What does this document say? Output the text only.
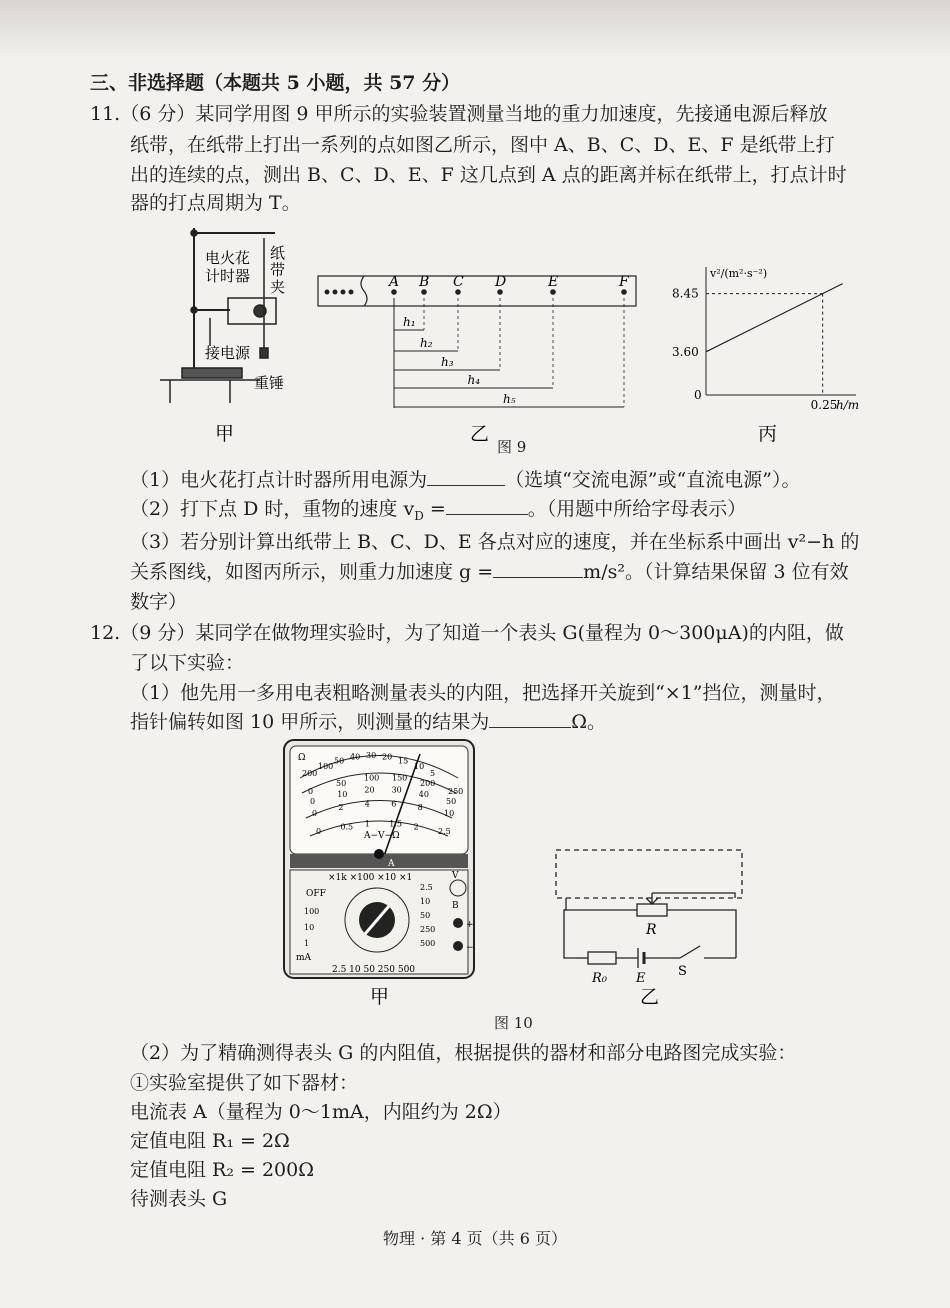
三、非选择题（本题共 5 小题，共 57 分）
11.（6 分）某同学用图 9 甲所示的实验装置测量当地的重力加速度，先接通电源后释放
纸带，在纸带上打出一系列的点如图乙所示，图中 A、B、C、D、E、F 是纸带上打
出的连续的点，测出 B、C、D、E、F 这几点到 A 点的距离并标在纸带上，打点计时
器的打点周期为 T。
电火花
计时器
纸
带
夹
接电源
重锤
A B C D	E	F
h₁
h₂
h₃
h₄
h₅
v²/(m²·s⁻²)
h/m
0
8.45
3.60
0.25
甲	乙	丙
图 9
（1）电火花打点计时器所用电源为	（选填“交流电源”或“直流电源”）。
（2）打下点 D 时，重物的速度 $v_D$ =	。（用题中所给字母表示）
（3）若分别计算出纸带上 B、C、D、E 各点对应的速度，并在坐标系中画出 v²−h 的
关系图线，如图丙所示，则重力加速度 g =	m/s²。（计算结果保留 3 位有效
数字）
12.（9 分）某同学在做物理实验时，为了知道一个表头 G(量程为 0～300μA)的内阻，做
了以下实验：
（1）他先用一多用电表粗略测量表头的内阻，把选择开关旋到“×1”挡位，测量时，
指针偏转如图 10 甲所示，则测量的结果为	Ω。
200
100
50 40 30 20 15
10
5
0
50
100 150
200
250
0
10 20 30 40
50
0
2	4	6	8
10
0
0.5 1 1.5 2
2.5
A−V−Ω
Ω
A
×1k ×100 ×10 ×1
OFF
mA
V
B
+
−
2.5 10 50 250 500
100
10
1
2.5
10
50
250
500
R
R₀ E	S
甲	乙
图 10
（2）为了精确测得表头 G 的内阻值，根据提供的器材和部分电路图完成实验：
①实验室提供了如下器材：
电流表 A（量程为 0～1mA，内阻约为 2Ω）
定值电阻 R₁ = 2Ω
定值电阻 R₂ = 200Ω
待测表头 G
物理 · 第 4 页（共 6 页）
